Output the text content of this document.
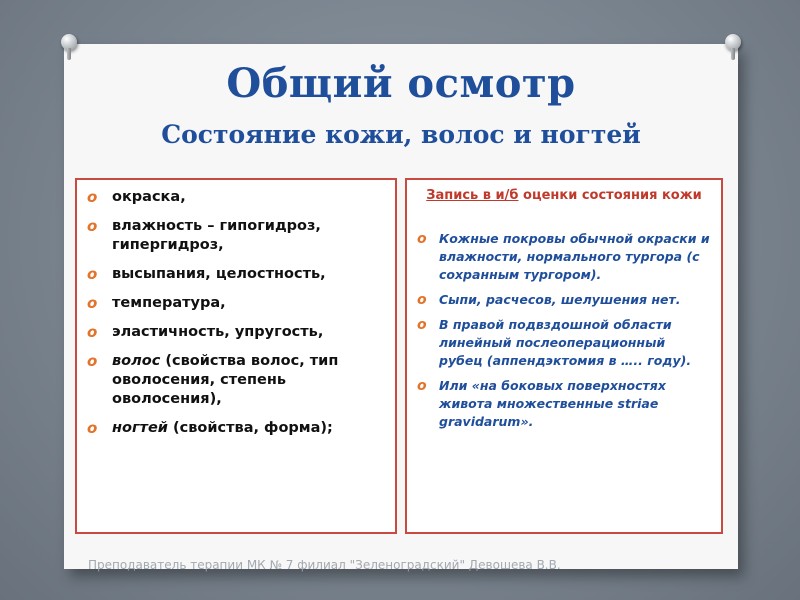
Общий осмотр
Состояние кожи, волос и ногтей
o окраска,
o влажность – гипогидроз, гипергидроз,
o высыпания, целостность,
o температура,
o эластичность, упругость,
o волос (свойства волос, тип оволосения, степень оволосения),
o ногтей (свойства, форма);
Запись в и/б оценки состояния кожи
o Кожные покровы обычной окраски и влажности, нормального тургора (с сохранным тургором).
o Сыпи, расчесов, шелушения нет.
o В правой подвздошной области линейный послеоперационный рубец (аппендэктомия в ….. году).
o Или «на боковых поверхностях живота множественные striae gravidarum».
Преподаватель терапии МК № 7 филиал "Зеленоградский" Девошева В.В.
